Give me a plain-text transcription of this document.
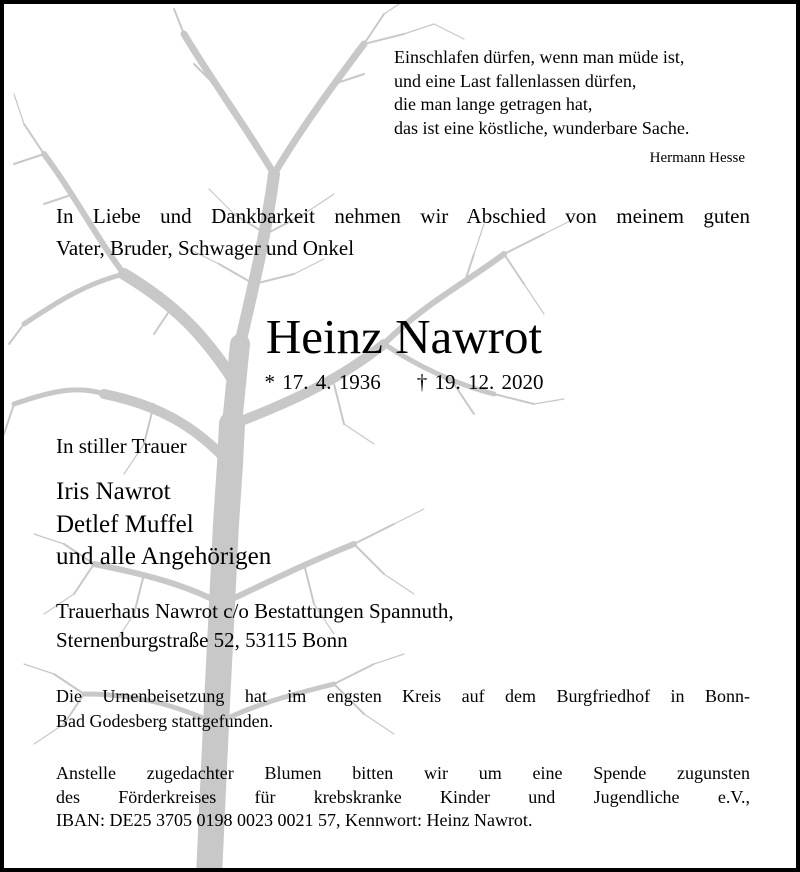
Einschlafen dürfen, wenn man müde ist,
und eine Last fallenlassen dürfen,
die man lange getragen hat,
das ist eine köstliche, wunderbare Sache.
Hermann Hesse
In Liebe und Dankbarkeit nehmen wir Abschied von meinem guten
Vater, Bruder, Schwager und Onkel
Heinz Nawrot
* 17. 4. 1936 † 19. 12. 2020
In stiller Trauer
Iris Nawrot
Detlef Muffel
und alle Angehörigen
Trauerhaus Nawrot c/o Bestattungen Spannuth,
Sternenburgstraße 52, 53115 Bonn
Die Urnenbeisetzung hat im engsten Kreis auf dem Burgfriedhof in Bonn-
Bad Godesberg stattgefunden.
Anstelle zugedachter Blumen bitten wir um eine Spende zugunsten
des Förderkreises für krebskranke Kinder und Jugendliche e.V.,
IBAN: DE25 3705 0198 0023 0021 57, Kennwort: Heinz Nawrot.
